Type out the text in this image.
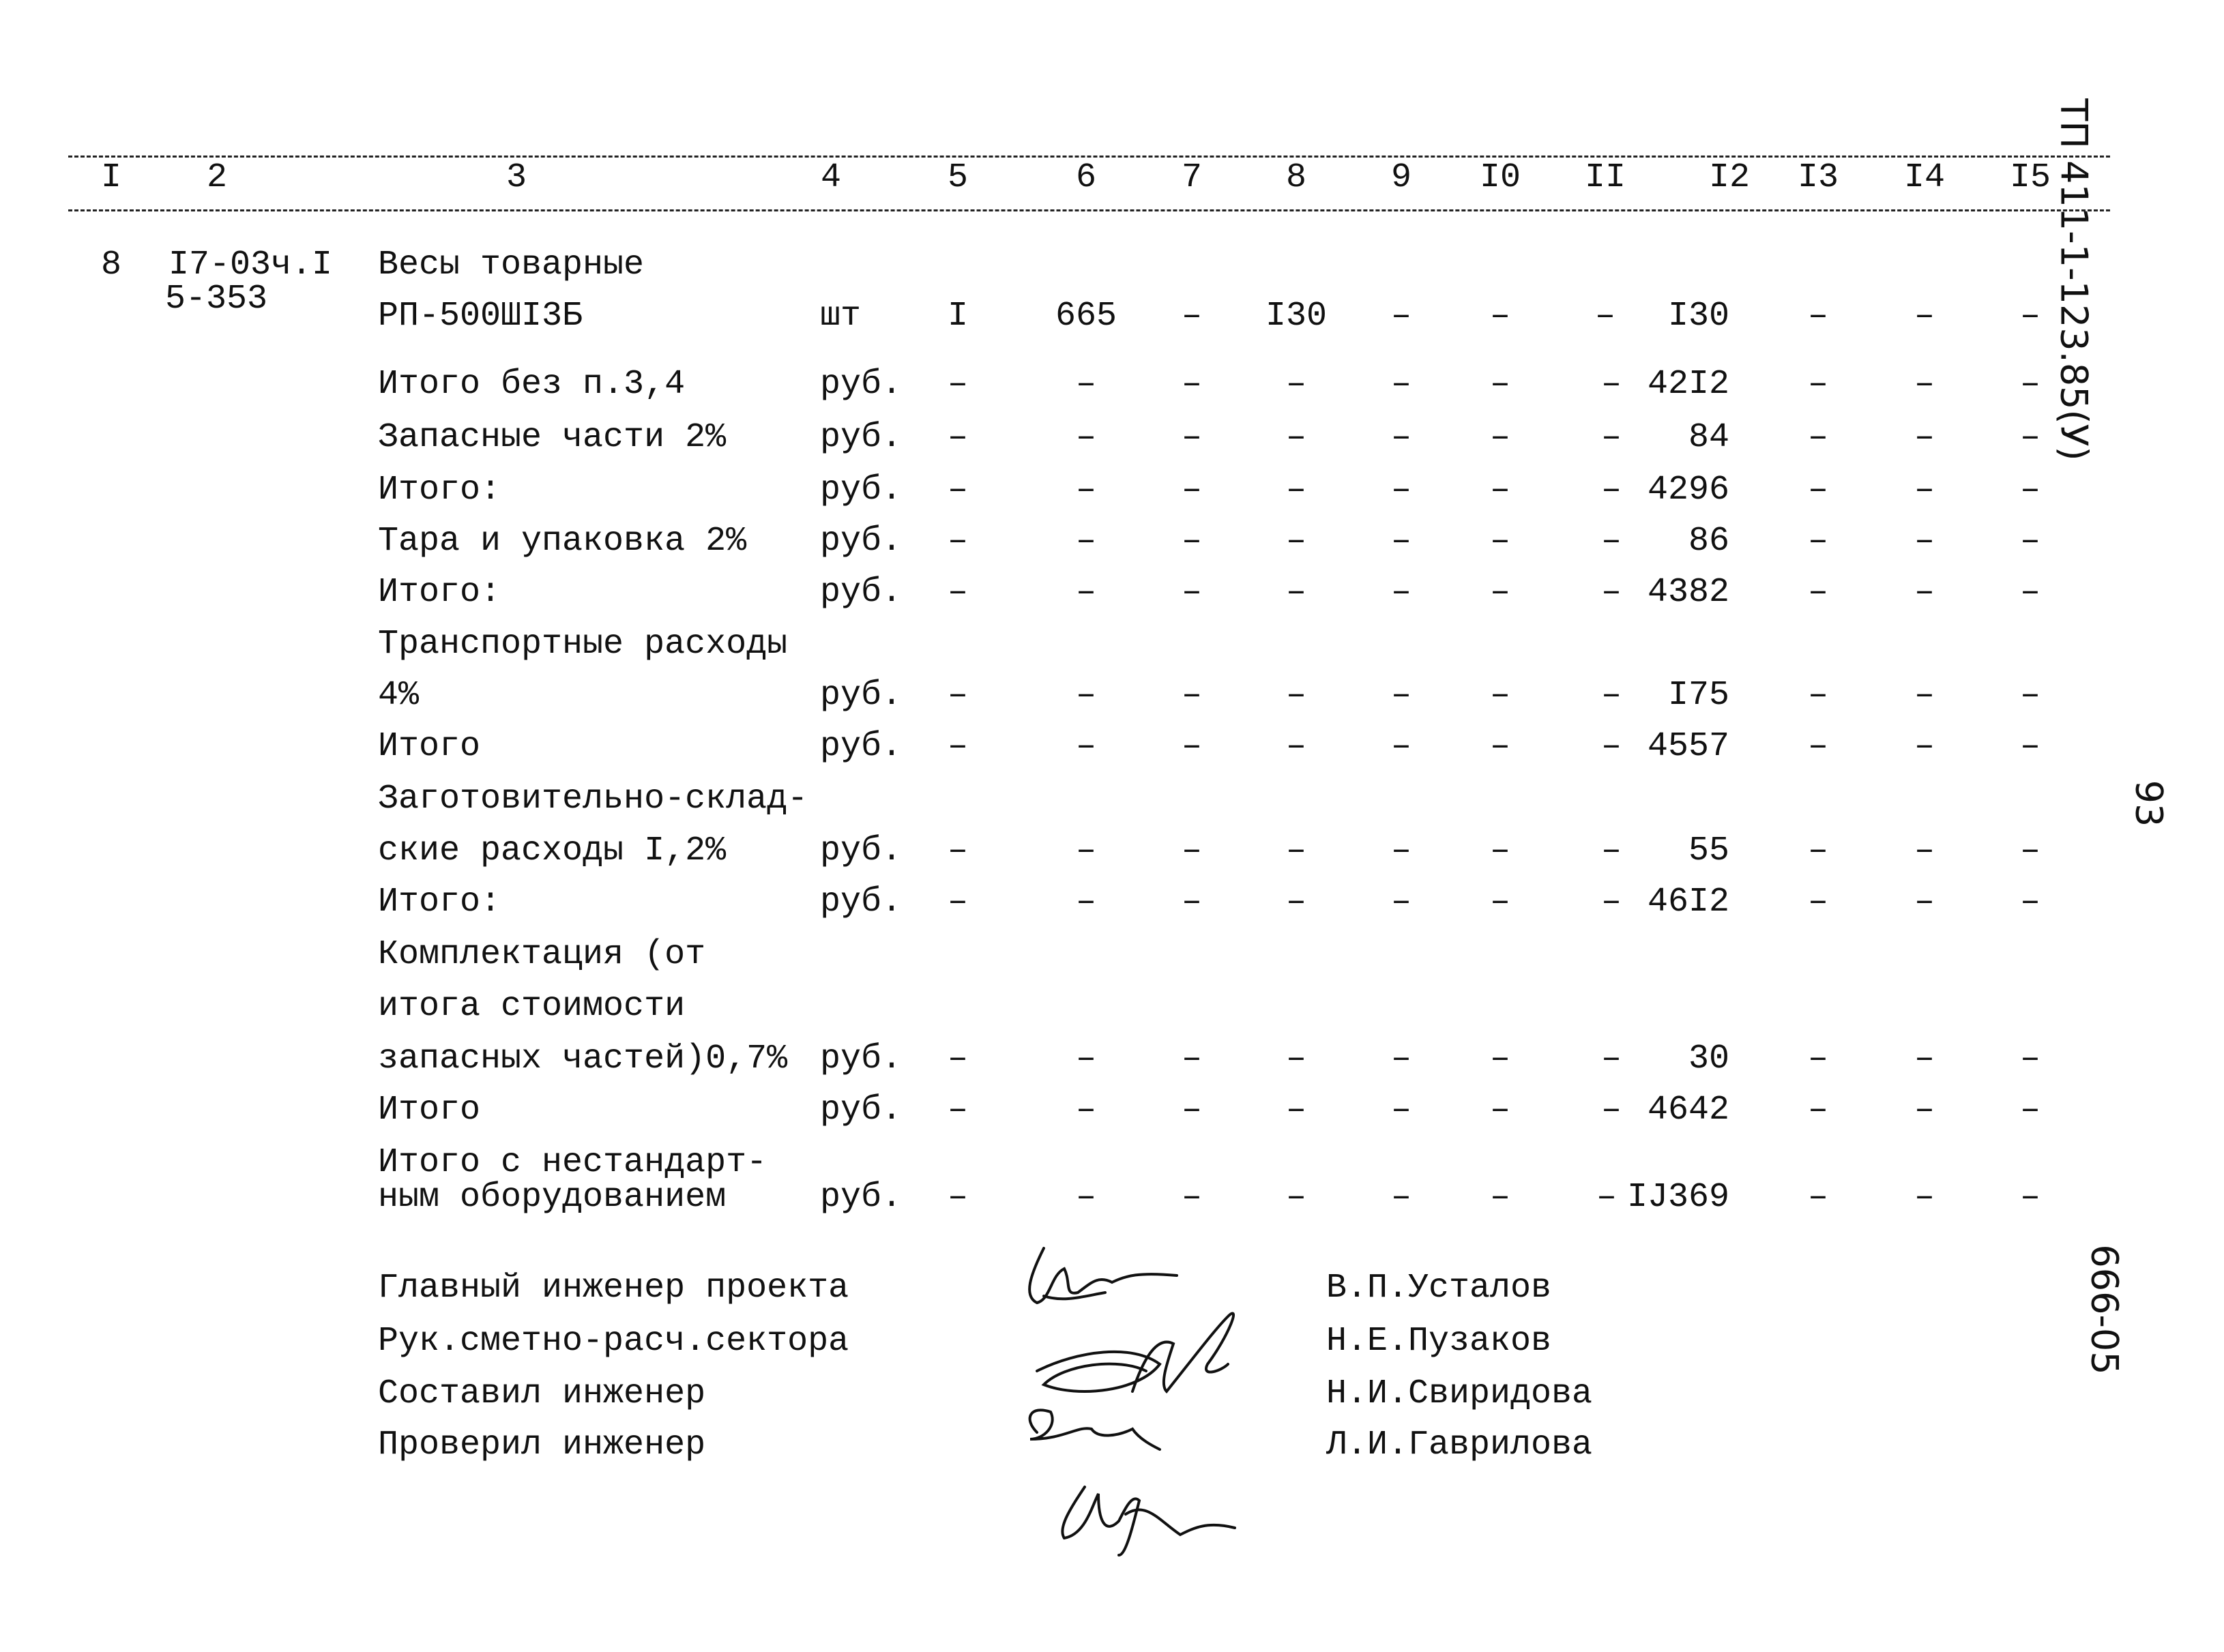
I 2	3	4	5	6 7 8 9 I0 II I2 I3 I4 I5
8 I7-03ч.I
5-353
Весы товарные
РП-500ШI3Б	шт	I	665 – I30 – – – I30 –	– –
Итого без п.3,4	руб. –	– – – – –	– 42I2 –	– –
Запасные части 2%	руб. –	– – – – –	– 84 –	– –
Итого:	руб. –	– – – – –	– 4296 –	– –
Тара и упаковка 2% руб. –	– – – – –	– 86 –	– –
Итого:	руб. –	– – – – –	– 4382 –	– –
Транспортные расходы
4%	руб. –	– – – – –	– I75 –	– –
Итого	руб. –	– – – – –	– 4557 –	– –
Заготовительно-склад-
ские расходы I,2%	руб. –	– – – – –	– 55 –	– –
Итого:	руб. –	– – – – –	– 46I2 –	– –
Комплектация (от
итога стоимости
запасных частей)0,7% руб. –	– – – – –	– 30 –	– –
Итого	руб. –	– – – – –	– 4642 –	– –
Итого с нестандарт-
ным оборудованием	руб. –	– – – – –	– IJ369 –	– –
Главный инженер проекта	В.П.Усталов
Рук.сметно-расч.сектора	Н.Е.Пузаков
Составил инженер	Н.И.Свиридова
Проверил инженер	Л.И.Гаврилова
ТП 411-1-123.85(У)
93
666-05
